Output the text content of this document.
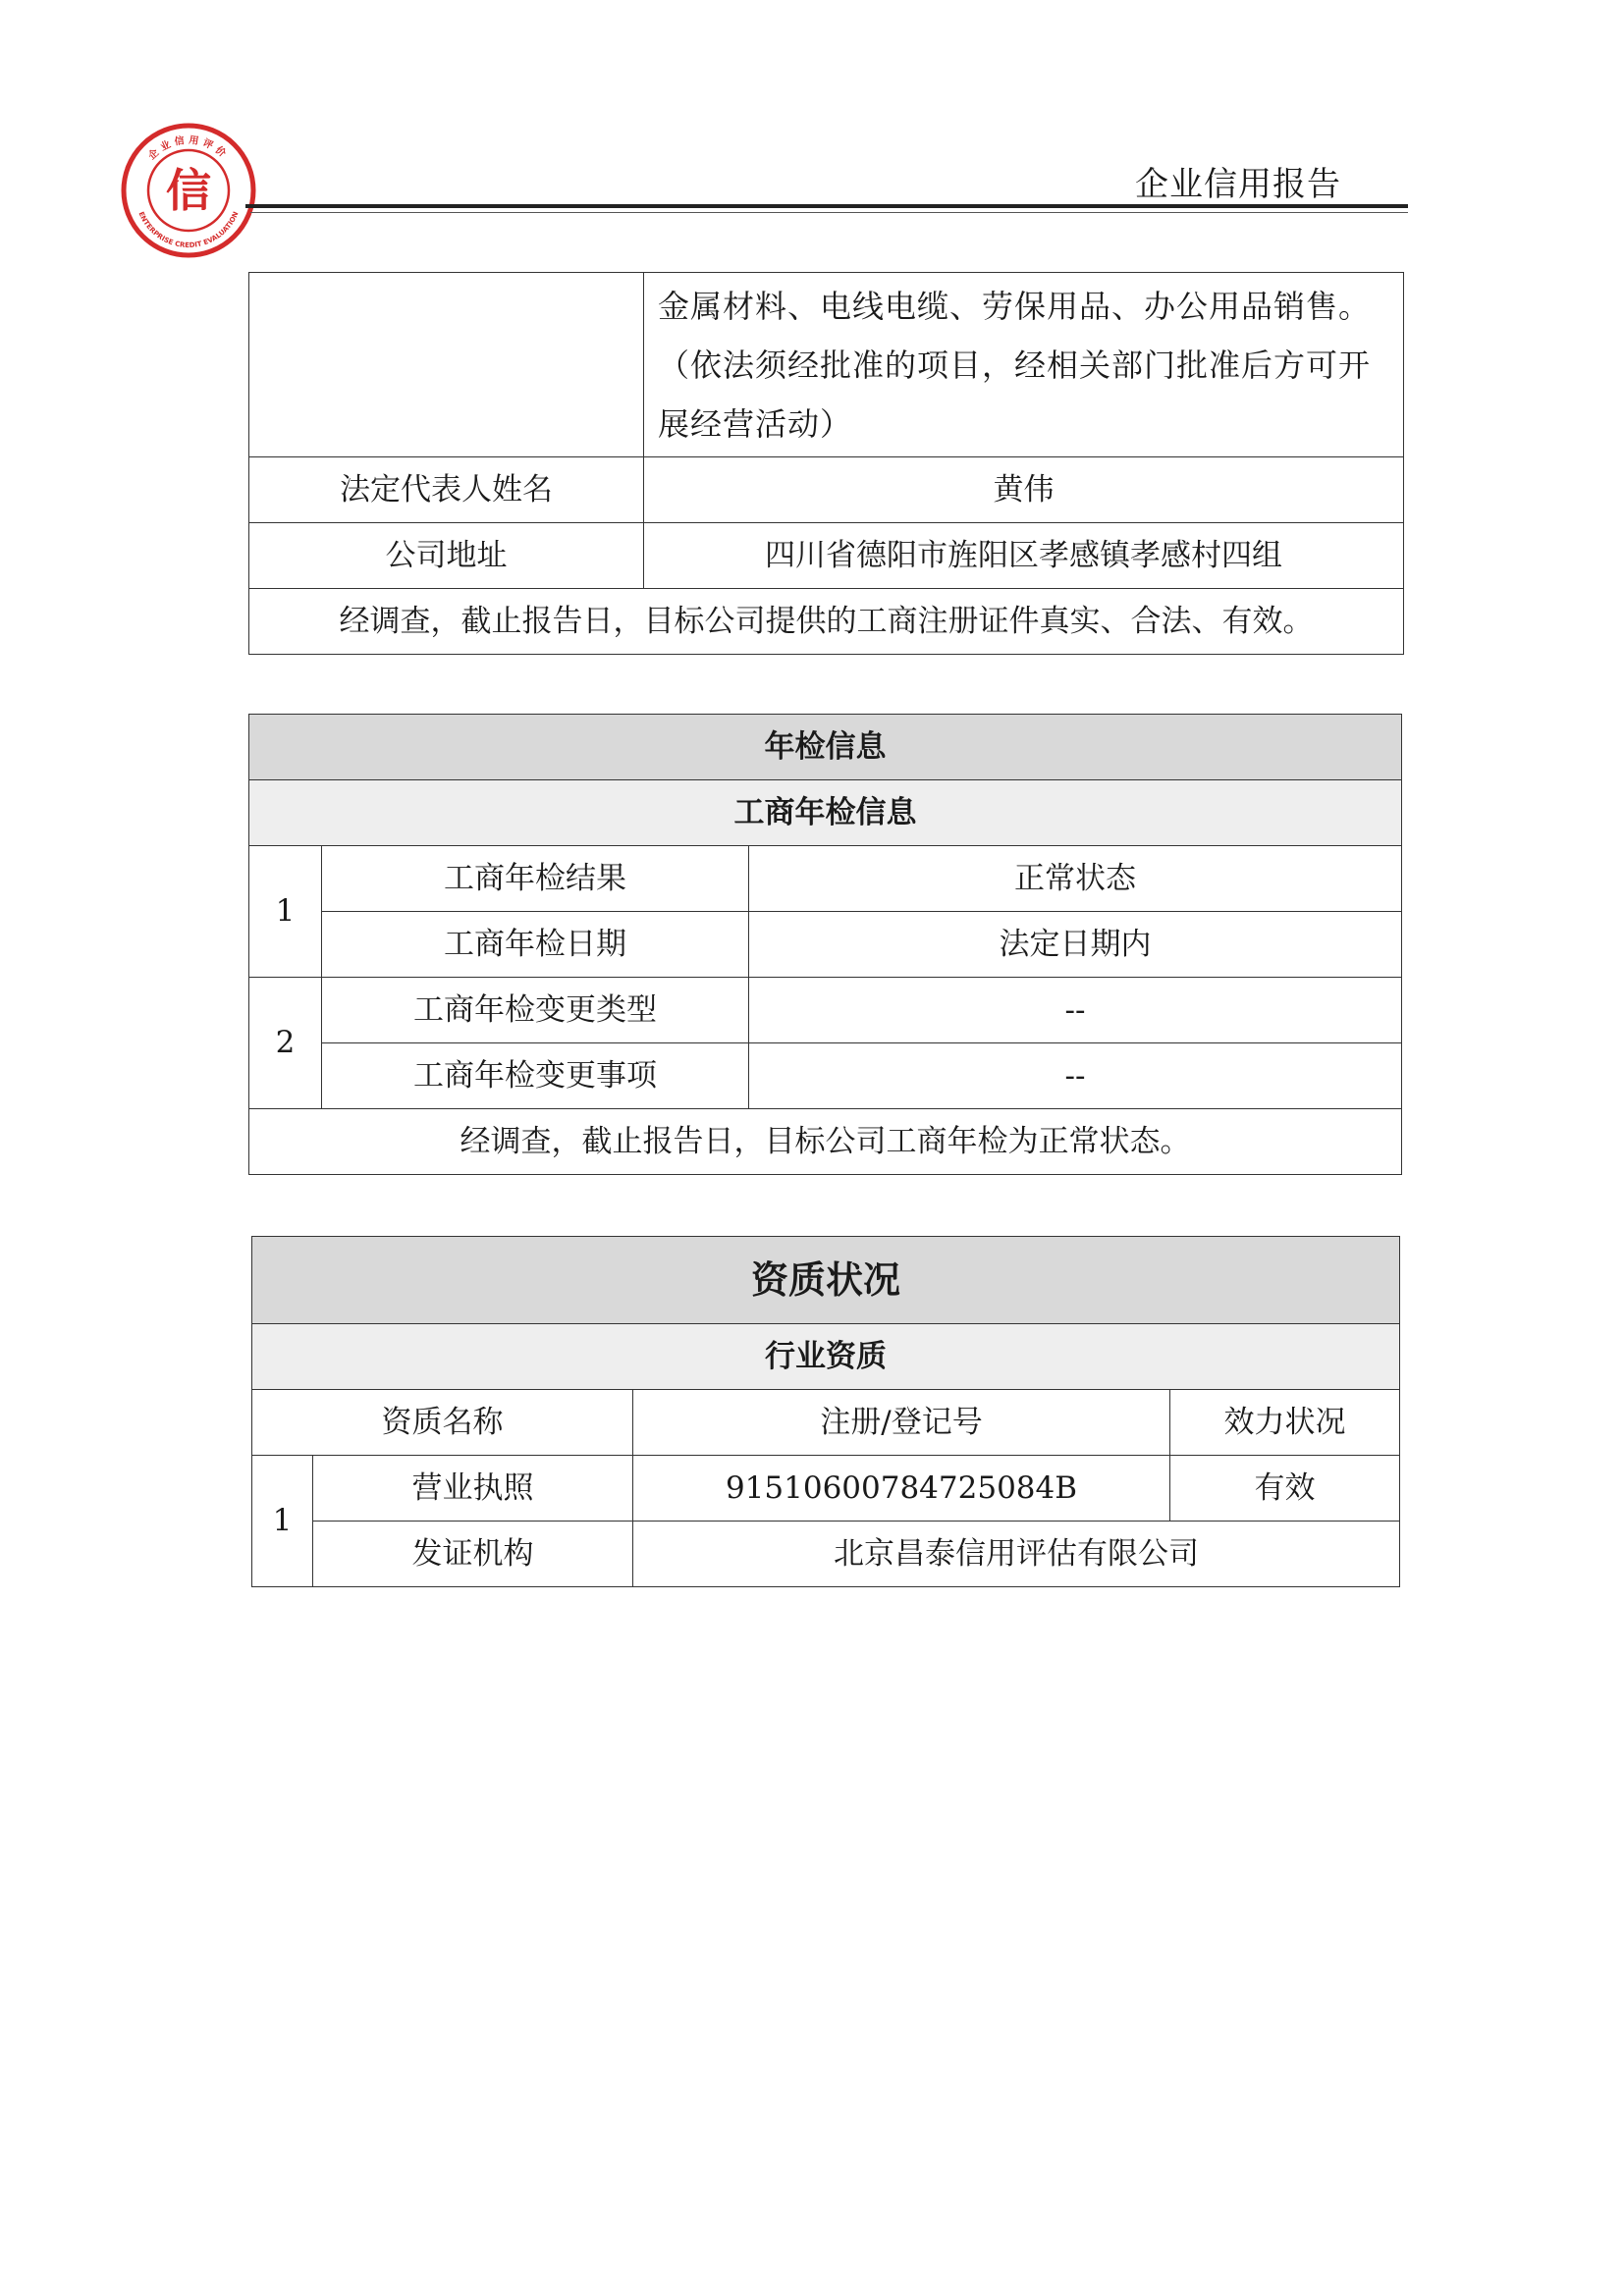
企业信用评价
ENTERPRISE CREDIT EVALUATION
信	企业信用报告

	金属材料、电线电缆、劳保用品、办公用品销售。
（依法须经批准的项目，经相关部门批准后方可开
展经营活动）

法定代表人姓名	黄伟
公司地址	四川省德阳市旌阳区孝感镇孝感村四组
经调查，截止报告日，目标公司提供的工商注册证件真实、合法、有效。	
年检信息		
工商年检信息		
1	工商年检结果	正常状态
	工商年检日期	法定日期内
2	工商年检变更类型	--
	工商年检变更事项	--
经调查，截止报告日，目标公司工商年检为正常状态。		
资质状况			
行业资质			
资质名称		注册/登记号	效力状况
1	营业执照	91510600784725084B	有效
	发证机构	北京昌泰信用评估有限公司	
